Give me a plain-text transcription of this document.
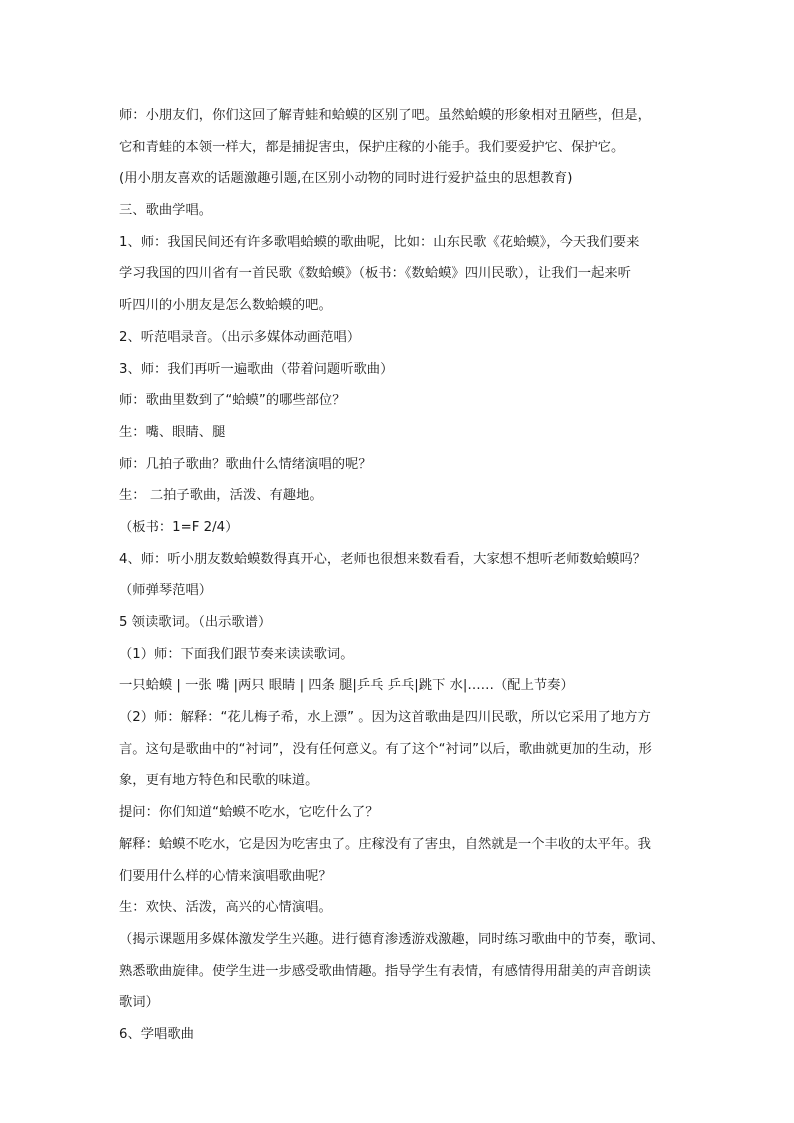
师：小朋友们，你们这回了解青蛙和蛤蟆的区别了吧。虽然蛤蟆的形象相对丑陋些，但是，
它和青蛙的本领一样大，都是捕捉害虫，保护庄稼的小能手。我们要爱护它、保护它。
(用小朋友喜欢的话题激趣引题,在区别小动物的同时进行爱护益虫的思想教育)
三、歌曲学唱。
1、师：我国民间还有许多歌唱蛤蟆的歌曲呢，比如：山东民歌《花蛤蟆》，今天我们要来
学习我国的四川省有一首民歌《数蛤蟆》（板书：《数蛤蟆》四川民歌），让我们一起来听
听四川的小朋友是怎么数蛤蟆的吧。
2、听范唱录音。（出示多媒体动画范唱）
3、师：我们再听一遍歌曲（带着问题听歌曲）
师：歌曲里数到了“蛤蟆”的哪些部位？
生：嘴、眼睛、腿
师：几拍子歌曲？歌曲什么情绪演唱的呢？
生： 二拍子歌曲，活泼、有趣地。
（板书：1=F 2/4）
4、师：听小朋友数蛤蟆数得真开心，老师也很想来数看看，大家想不想听老师数蛤蟆吗？
（师弹琴范唱）
5 领读歌词。（出示歌谱）
（1）师：下面我们跟节奏来读读歌词。
一只蛤蟆 | 一张 嘴 |两只 眼睛 | 四条 腿|乒乓 乒乓|跳下 水|……（配上节奏）
（2）师：解释：“花儿梅子希，水上漂” 。因为这首歌曲是四川民歌，所以它采用了地方方
言。这句是歌曲中的“衬词”，没有任何意义。有了这个“衬词”以后，歌曲就更加的生动，形
象，更有地方特色和民歌的味道。
提问：你们知道“蛤蟆不吃水，它吃什么了？
解释：蛤蟆不吃水，它是因为吃害虫了。庄稼没有了害虫，自然就是一个丰收的太平年。我
们要用什么样的心情来演唱歌曲呢？
生：欢快、活泼，高兴的心情演唱。
（揭示课题用多媒体激发学生兴趣。进行德育渗透游戏激趣，同时练习歌曲中的节奏，歌词、
熟悉歌曲旋律。使学生进一步感受歌曲情趣。指导学生有表情，有感情得用甜美的声音朗读
歌词）
6、学唱歌曲
